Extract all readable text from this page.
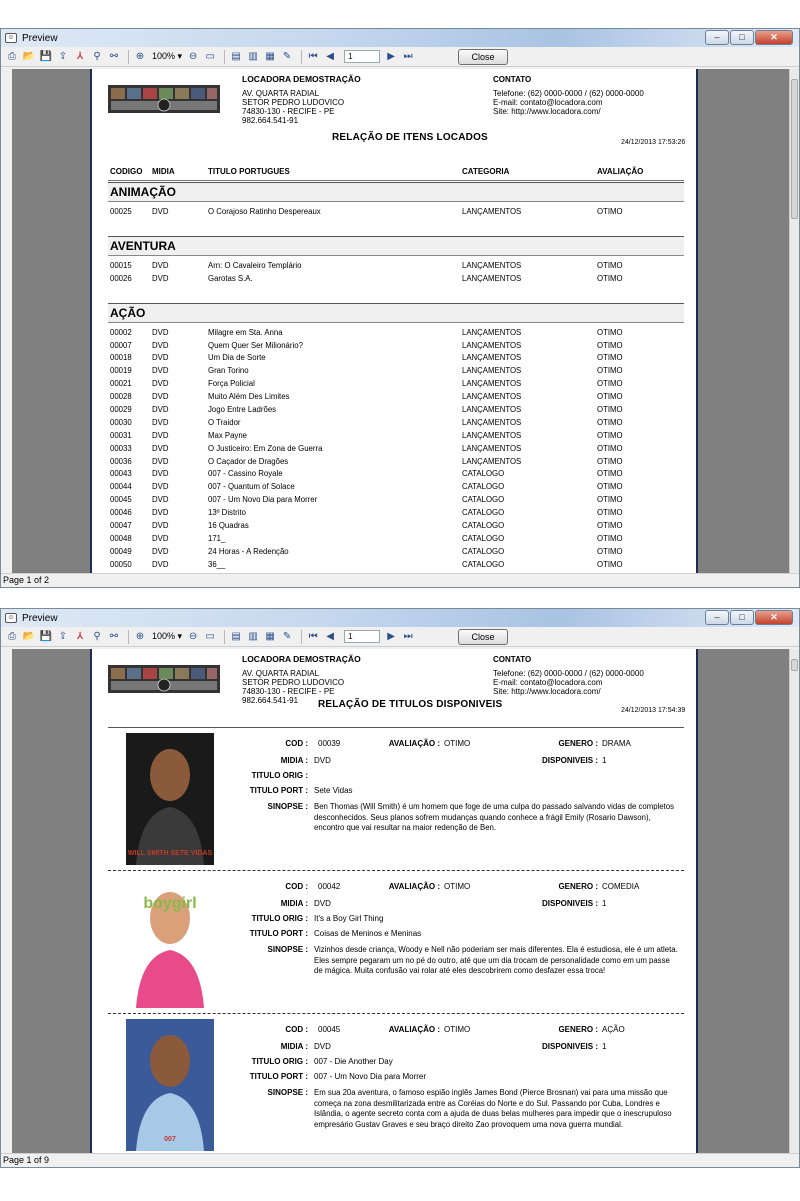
☺ Preview	–	□	✕
⎙ 📂 💾 ⇪ ⅄	⚲ ⚯ ⊕ 100% ▾ ⊖ ▭ ▤ ▥ ▦ ✎ ⏮ ◀	1	▶ ⏭	Close
LOCADORA DEMOSTRAÇÃO
AV. QUARTA RADIAL
SETOR PEDRO LUDOVICO
74830-130 - RECIFE - PE
982.664.541-91
CONTATO
Telefone: (62) 0000-0000 / (62) 0000-0000
E-mail: contato@locadora.com
Site: http://www.locadora.com/
RELAÇÃO DE ITENS LOCADOS	24/12/2013 17:53:26
CODIGO MIDIA	TITULO PORTUGUES	CATEGORIA	AVALIAÇÃO
ANIMAÇÃO
00025	DVD	O Corajoso Ratinho Despereaux	LANÇAMENTOS	OTIMO
AVENTURA
00015	DVD	Arn: O Cavaleiro Templário	LANÇAMENTOS	OTIMO
00026	DVD	Garotas S.A.	LANÇAMENTOS	OTIMO
AÇÃO
00002	DVD	Milagre em Sta. Anna	LANÇAMENTOS	OTIMO
00007	DVD	Quem Quer Ser Milionário?	LANÇAMENTOS	OTIMO
00018	DVD	Um Dia de Sorte	LANÇAMENTOS	OTIMO
00019	DVD	Gran Torino	LANÇAMENTOS	OTIMO
00021	DVD	Força Policial	LANÇAMENTOS	OTIMO
00028	DVD	Muito Além Des Limites	LANÇAMENTOS	OTIMO
00029	DVD	Jogo Entre Ladrões	LANÇAMENTOS	OTIMO
00030	DVD	O Traidor	LANÇAMENTOS	OTIMO
00031	DVD	Max Payne	LANÇAMENTOS	OTIMO
00033	DVD	O Justiceiro: Em Zona de Guerra	LANÇAMENTOS	OTIMO
00036	DVD	O Caçador de Dragões	LANÇAMENTOS	OTIMO
00043	DVD	007 - Cassino Royale	CATALOGO	OTIMO
00044	DVD	007 - Quantum of Solace	CATALOGO	OTIMO
00045	DVD	007 - Um Novo Dia para Morrer	CATALOGO	OTIMO
00046	DVD	13º Distrito	CATALOGO	OTIMO
00047	DVD	16 Quadras	CATALOGO	OTIMO
00048	DVD	171_	CATALOGO	OTIMO
00049	DVD	24 Horas - A Redenção	CATALOGO	OTIMO
00050	DVD	36__	CATALOGO	OTIMO
Page 1 of 2
☺ Preview	–	□	✕
⎙ 📂 💾 ⇪ ⅄	⚲ ⚯ ⊕ 100% ▾ ⊖ ▭ ▤ ▥ ▦ ✎ ⏮ ◀	1	▶ ⏭	Close
LOCADORA DEMOSTRAÇÃO
AV. QUARTA RADIAL
SETOR PEDRO LUDOVICO
74830-130 - RECIFE - PE
982.664.541-91
CONTATO
Telefone: (62) 0000-0000 / (62) 0000-0000
E-mail: contato@locadora.com
Site: http://www.locadora.com/
RELAÇÃO DE TITULOS DISPONIVEIS
24/12/2013 17:54:39
WILL SMITH SETE VIDAS
COD : 00039	AVALIAÇÃO : OTIMO	GENERO : DRAMA
MIDIA : DVD	DISPONIVEIS : 1
TITULO ORIG :
TITULO PORT : Sete Vidas
SINOPSE : Ben Thomas (Will Smith) é um homem que foge de uma culpa do passado salvando vidas de completos desconhecidos. Seus planos sofrem mudanças quando conhece a frágil Emily (Rosario Dawson), encontro que vai resultar na maior redenção de Ben.
boygirl
COD : 00042	AVALIAÇÃO : OTIMO	GENERO : COMEDIA
MIDIA : DVD	DISPONIVEIS : 1
TITULO ORIG : It's a Boy Girl Thing
TITULO PORT : Coisas de Meninos e Meninas
SINOPSE : Vizinhos desde criança, Woody e Nell não poderiam ser mais diferentes. Ela é estudiosa, ele é um atleta. Eles sempre pegaram um no pé do outro, até que um dia trocam de personalidade como em um passe de mágica. Muita confusão vai rolar até eles descobrirem como desfazer essa troca!
007
COD : 00045	AVALIAÇÃO : OTIMO	GENERO : AÇÃO
MIDIA : DVD	DISPONIVEIS : 1
TITULO ORIG : 007 - Die Another Day
TITULO PORT : 007 - Um Novo Dia para Morrer
SINOPSE : Em sua 20a aventura, o famoso espião inglês James Bond (Pierce Brosnan) vai para uma missão que começa na zona desmilitarizada entre as Coréias do Norte e do Sul. Passando por Cuba, Londres e Islândia, o agente secreto conta com a ajuda de duas belas mulheres para impedir que o inescrupuloso empresário Gustav Graves e seu braço direito Zao provoquem uma nova guerra mundial.
Page 1 of 9
